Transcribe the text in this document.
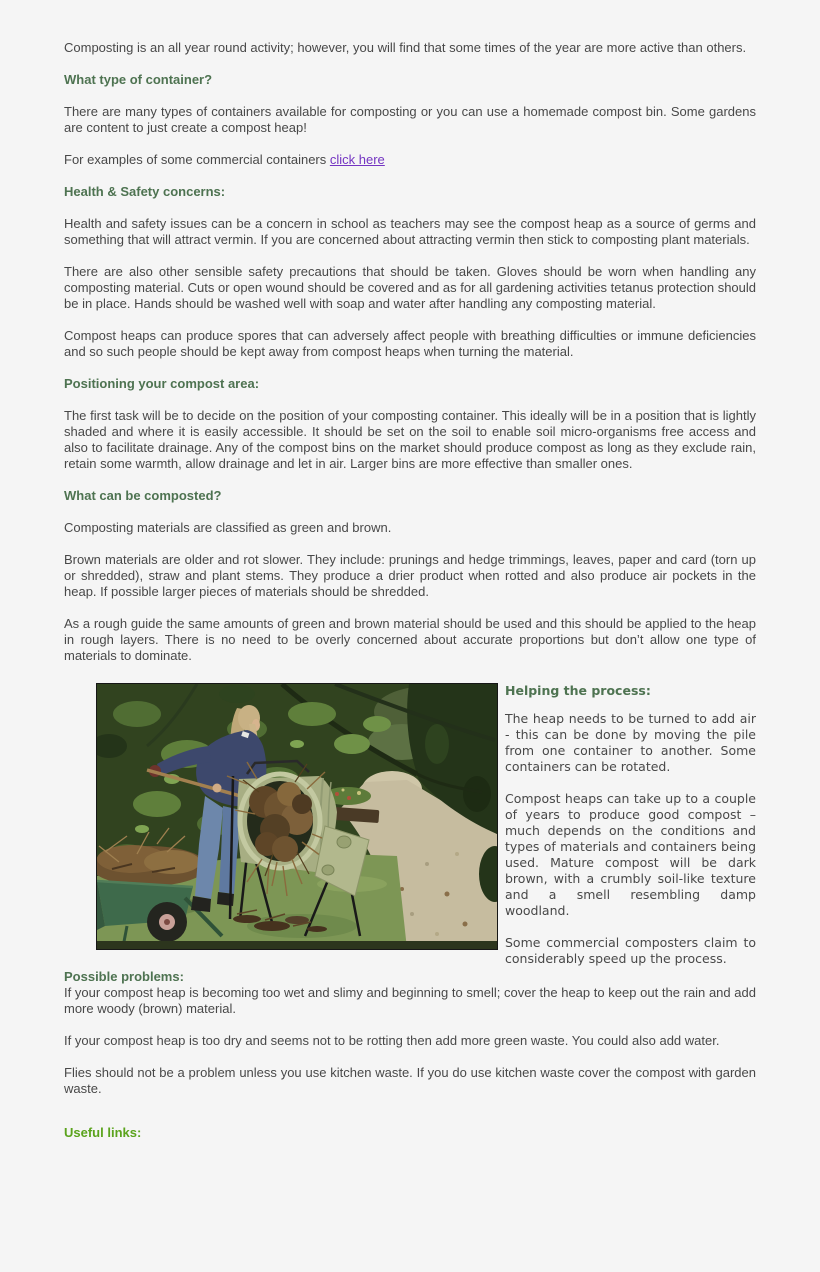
Composting is an all year round activity; however, you will find that some times of the year are more active than others.

What type of container?

There are many types of containers available for composting or you can use a homemade compost bin. Some gardens are content to just create a compost heap!

For examples of some commercial containers click here

Health & Safety concerns:

Health and safety issues can be a concern in school as teachers may see the compost heap as a source of germs and something that will attract vermin. If you are concerned about attracting vermin then stick to composting plant materials.

There are also other sensible safety precautions that should be taken. Gloves should be worn when handling any composting material. Cuts or open wound should be covered and as for all gardening activities tetanus protection should be in place. Hands should be washed well with soap and water after handling any composting material.

Compost heaps can produce spores that can adversely affect people with breathing difficulties or immune deficiencies and so such people should be kept away from compost heaps when turning the material.

Positioning your compost area:

The first task will be to decide on the position of your composting container. This ideally will be in a position that is lightly shaded and where it is easily accessible. It should be set on the soil to enable soil micro-organisms free access and also to facilitate drainage. Any of the compost bins on the market should produce compost as long as they exclude rain, retain some warmth, allow drainage and let in air. Larger bins are more effective than smaller ones.

What can be composted?

Composting materials are classified as green and brown.

Brown materials are older and rot slower. They include: prunings and hedge trimmings, leaves, paper and card (torn up or shredded), straw and plant stems. They produce a drier product when rotted and also produce air pockets in the heap. If possible larger pieces of materials should be shredded.

As a rough guide the same amounts of green and brown material should be used and this should be applied to the heap in rough layers. There is no need to be overly concerned about accurate proportions but don’t allow one type of materials to dominate.

Helping the process:

The heap needs to be turned to add air - this can be done by moving the pile from one container to another. Some containers can be rotated.

Compost heaps can take up to a couple of years to produce good compost – much depends on the conditions and types of materials and containers being used. Mature compost will be dark brown, with a crumbly soil-like texture and a smell resembling damp woodland.

Some commercial composters claim to considerably speed up the process.

Possible problems:

If your compost heap is becoming too wet and slimy and beginning to smell; cover the heap to keep out the rain and add more woody (brown) material.

If your compost heap is too dry and seems not to be rotting then add more green waste. You could also add water.

Flies should not be a problem unless you use kitchen waste. If you do use kitchen waste cover the compost with garden waste.

Useful links:
